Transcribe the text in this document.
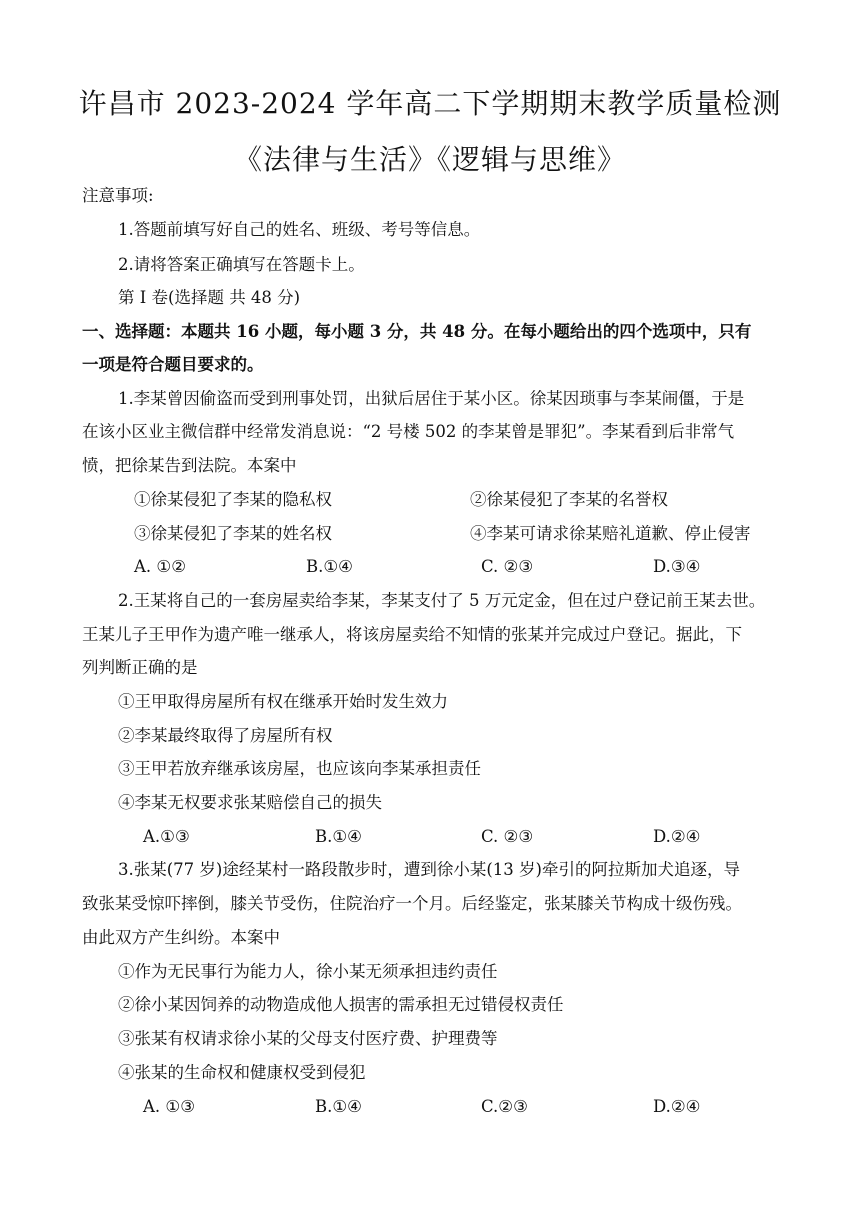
许昌市 2023-2024 学年高二下学期期末教学质量检测
《法律与生活》《逻辑与思维》
注意事项:
1.答题前填写好自己的姓名、班级、考号等信息。
2.请将答案正确填写在答题卡上。
第 I 卷(选择题 共 48 分)
一、选择题：本题共 16 小题，每小题 3 分，共 48 分。在每小题给出的四个选项中，只有
一项是符合题目要求的。
1.李某曾因偷盗而受到刑事处罚，出狱后居住于某小区。徐某因琐事与李某闹僵，于是
在该小区业主微信群中经常发消息说：“2 号楼 502 的李某曾是罪犯”。李某看到后非常气
愤，把徐某告到法院。本案中
①徐某侵犯了李某的隐私权	②徐某侵犯了李某的名誉权
③徐某侵犯了李某的姓名权	④李某可请求徐某赔礼道歉、停止侵害
A. ①②	B.①④	C. ②③	D.③④
2.王某将自己的一套房屋卖给李某，李某支付了 5 万元定金，但在过户登记前王某去世。
王某儿子王甲作为遗产唯一继承人，将该房屋卖给不知情的张某并完成过户登记。据此，下
列判断正确的是
①王甲取得房屋所有权在继承开始时发生效力
②李某最终取得了房屋所有权
③王甲若放弃继承该房屋，也应该向李某承担责任
④李某无权要求张某赔偿自己的损失
A.①③	B.①④	C. ②③	D.②④
3.张某(77 岁)途经某村一路段散步时，遭到徐小某(13 岁)牵引的阿拉斯加犬追逐，导
致张某受惊吓摔倒，膝关节受伤，住院治疗一个月。后经鉴定，张某膝关节构成十级伤残。
由此双方产生纠纷。本案中
①作为无民事行为能力人，徐小某无须承担违约责任
②徐小某因饲养的动物造成他人损害的需承担无过错侵权责任
③张某有权请求徐小某的父母支付医疗费、护理费等
④张某的生命权和健康权受到侵犯
A. ①③	B.①④	C.②③	D.②④
